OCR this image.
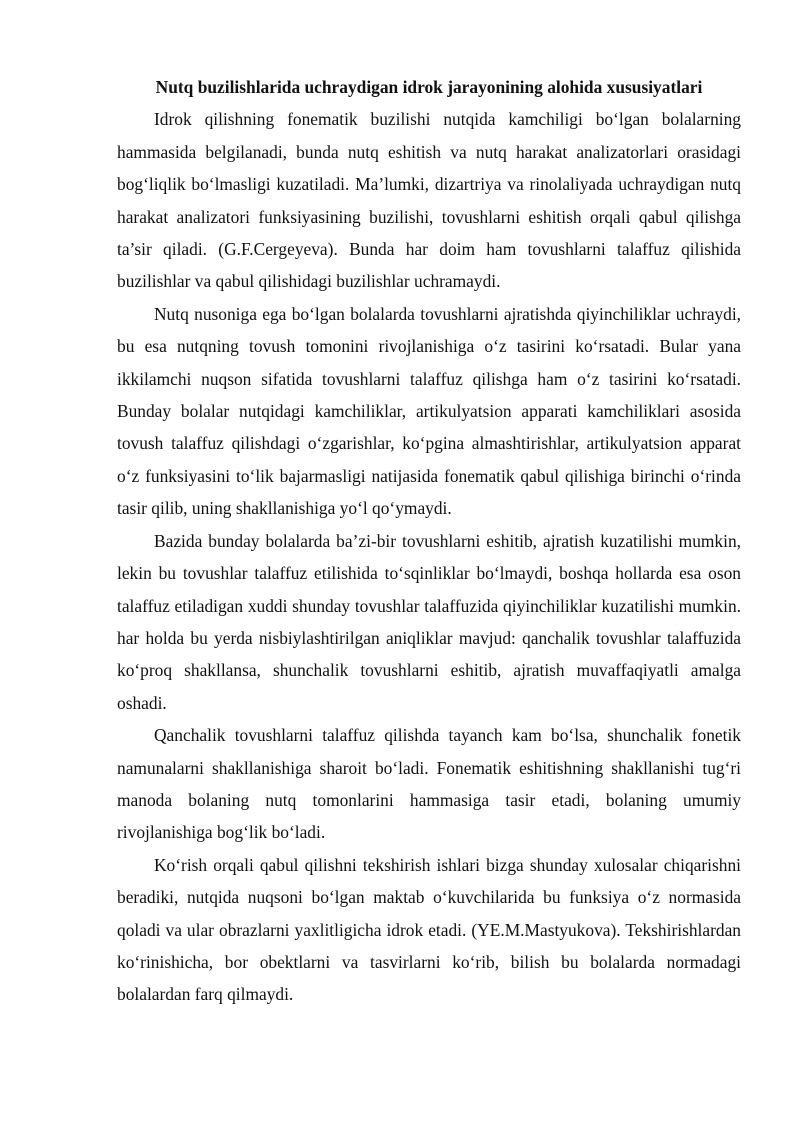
Nutq buzilishlarida uchraydigan idrok jarayonining alohida xususiyatlari

Idrok qilishning fonematik buzilishi nutqida kamchiligi bo‘lgan bolalarning hammasida belgilanadi, bunda nutq eshitish va nutq harakat analizatorlari orasidagi bog‘liqlik bo‘lmasligi kuzatiladi. Ma’lumki, dizartriya va rinolaliyada uchraydigan nutq harakat analizatori funksiyasining buzilishi, tovushlarni eshitish orqali qabul qilishga ta’sir qiladi. (G.F.Cergeyeva). Bunda har doim ham tovushlarni talaffuz qilishida buzilishlar va qabul qilishidagi buzilishlar uchramaydi.

Nutq nusoniga ega bo‘lgan bolalarda tovushlarni ajratishda qiyinchiliklar uchraydi, bu esa nutqning tovush tomonini rivojlanishiga o‘z tasirini ko‘rsatadi. Bular yana ikkilamchi nuqson sifatida tovushlarni talaffuz qilishga ham o‘z tasirini ko‘rsatadi. Bunday bolalar nutqidagi kamchiliklar, artikulyatsion apparati kamchiliklari asosida tovush talaffuz qilishdagi o‘zgarishlar, ko‘pgina almashtirishlar, artikulyatsion apparat o‘z funksiyasini to‘lik bajarmasligi natijasida fonematik qabul qilishiga birinchi o‘rinda tasir qilib, uning shakllanishiga yo‘l qo‘ymaydi.

Bazida bunday bolalarda ba’zi-bir tovushlarni eshitib, ajratish kuzatilishi mumkin, lekin bu tovushlar talaffuz etilishida to‘sqinliklar bo‘lmaydi, boshqa hollarda esa oson talaffuz etiladigan xuddi shunday tovushlar talaffuzida qiyinchiliklar kuzatilishi mumkin. har holda bu yerda nisbiylashtirilgan aniqliklar mavjud: qanchalik tovushlar talaffuzida ko‘proq shakllansa, shunchalik tovushlarni eshitib, ajratish muvaffaqiyatli amalga oshadi.

Qanchalik tovushlarni talaffuz qilishda tayanch kam bo‘lsa, shunchalik fonetik namunalarni shakllanishiga sharoit bo‘ladi. Fonematik eshitishning shakllanishi tug‘ri manoda bolaning nutq tomonlarini hammasiga tasir etadi, bolaning umumiy rivojlanishiga bog‘lik bo‘ladi.

Ko‘rish orqali qabul qilishni tekshirish ishlari bizga shunday xulosalar chiqarishni beradiki, nutqida nuqsoni bo‘lgan maktab o‘kuvchilarida bu funksiya o‘z normasida qoladi va ular obrazlarni yaxlitligicha idrok etadi. (YE.M.Mastyukova). Tekshirishlardan ko‘rinishicha, bor obektlarni va tasvirlarni ko‘rib, bilish bu bolalarda normadagi bolalardan farq qilmaydi.
